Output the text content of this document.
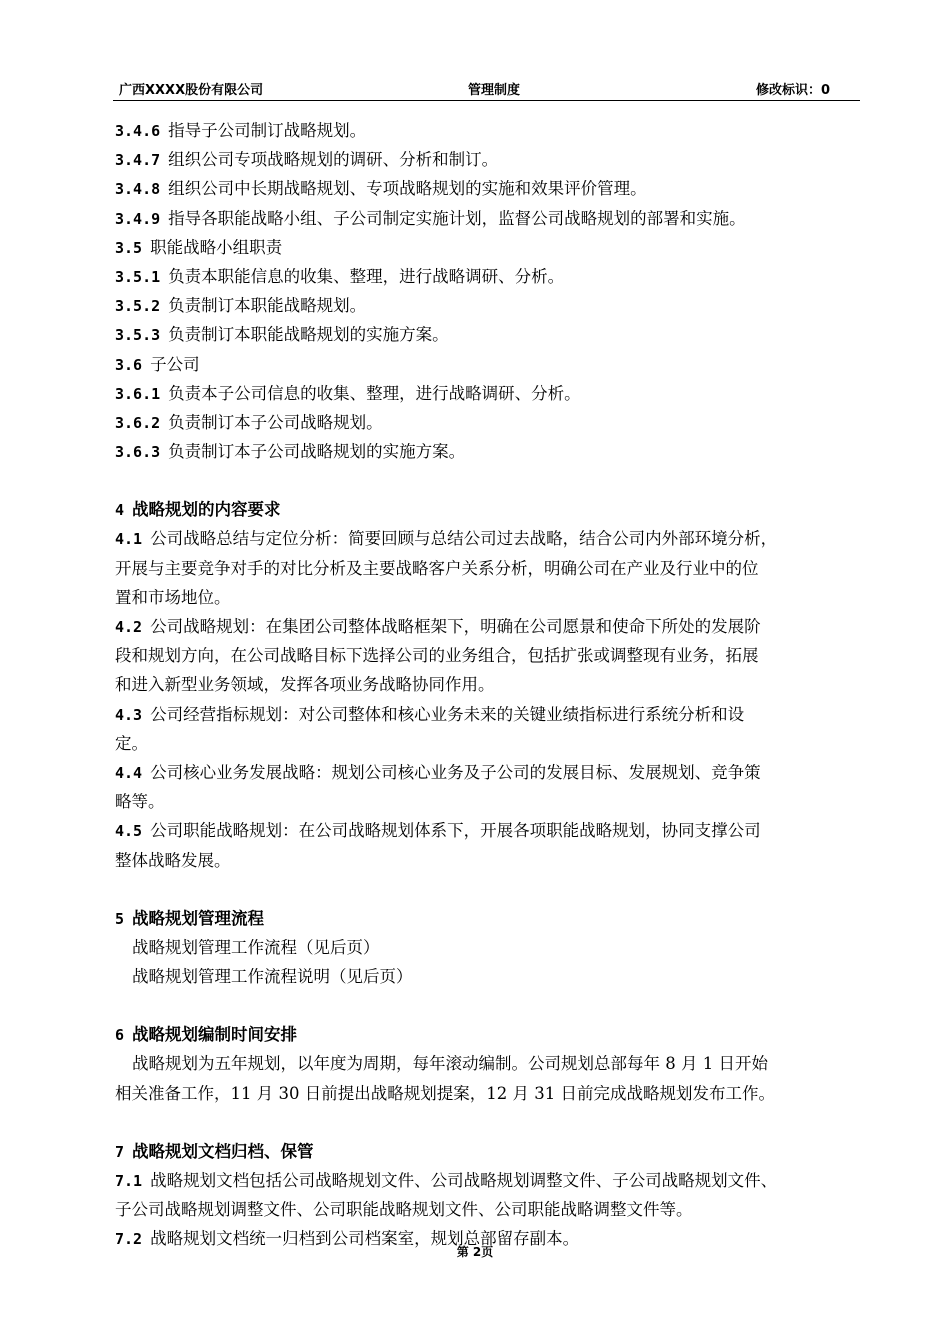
广西XXXX股份有限公司	管理制度	修改标识：0
3.4.6 指导子公司制订战略规划。
3.4.7 组织公司专项战略规划的调研、分析和制订。
3.4.8 组织公司中长期战略规划、专项战略规划的实施和效果评价管理。
3.4.9 指导各职能战略小组、子公司制定实施计划，监督公司战略规划的部署和实施。
3.5 职能战略小组职责
3.5.1 负责本职能信息的收集、整理，进行战略调研、分析。
3.5.2 负责制订本职能战略规划。
3.5.3 负责制订本职能战略规划的实施方案。
3.6 子公司
3.6.1 负责本子公司信息的收集、整理，进行战略调研、分析。
3.6.2 负责制订本子公司战略规划。
3.6.3 负责制订本子公司战略规划的实施方案。
4 战略规划的内容要求
4.1 公司战略总结与定位分析：简要回顾与总结公司过去战略，结合公司内外部环境分析，
开展与主要竞争对手的对比分析及主要战略客户关系分析，明确公司在产业及行业中的位
置和市场地位。
4.2 公司战略规划：在集团公司整体战略框架下，明确在公司愿景和使命下所处的发展阶
段和规划方向，在公司战略目标下选择公司的业务组合，包括扩张或调整现有业务，拓展
和进入新型业务领域，发挥各项业务战略协同作用。
4.3 公司经营指标规划：对公司整体和核心业务未来的关键业绩指标进行系统分析和设
定。
4.4 公司核心业务发展战略：规划公司核心业务及子公司的发展目标、发展规划、竞争策
略等。
4.5 公司职能战略规划：在公司战略规划体系下，开展各项职能战略规划，协同支撑公司
整体战略发展。
5 战略规划管理流程
战略规划管理工作流程（见后页）
战略规划管理工作流程说明（见后页）
6 战略规划编制时间安排
战略规划为五年规划，以年度为周期，每年滚动编制。公司规划总部每年 8 月 1 日开始
相关准备工作，11 月 30 日前提出战略规划提案，12 月 31 日前完成战略规划发布工作。
7 战略规划文档归档、保管
7.1 战略规划文档包括公司战略规划文件、公司战略规划调整文件、子公司战略规划文件、
子公司战略规划调整文件、公司职能战略规划文件、公司职能战略调整文件等。
7.2 战略规划文档统一归档到公司档案室，规划总部留存副本。
第 2页
